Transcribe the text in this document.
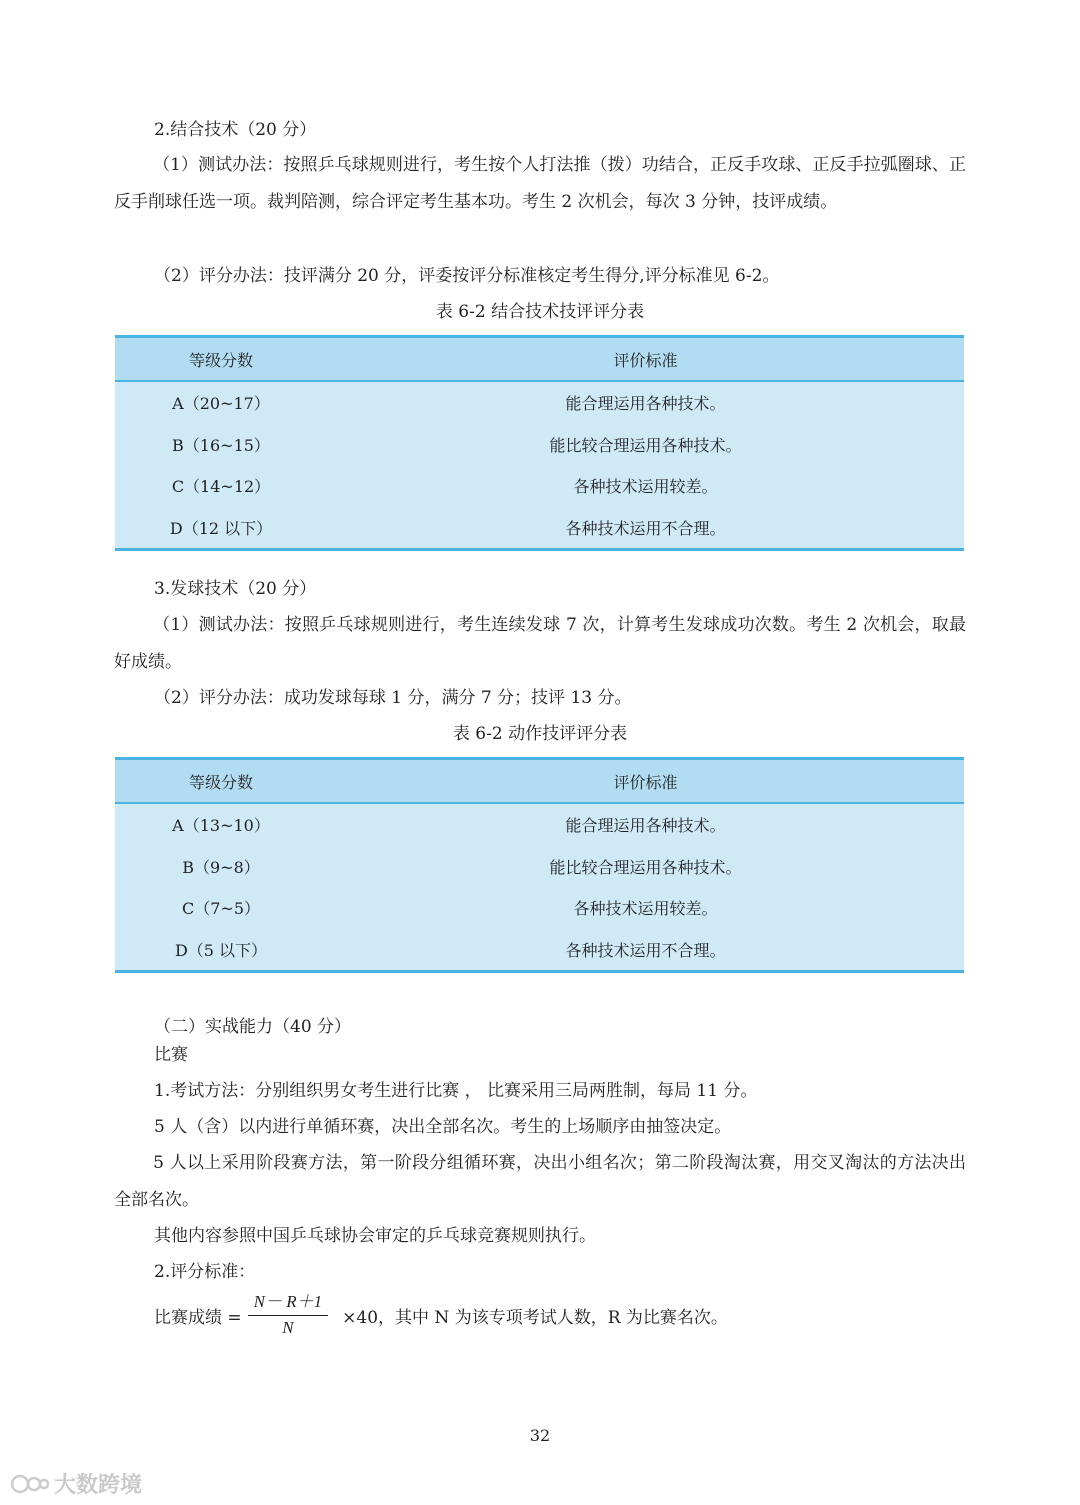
2.结合技术（20 分）
（1）测试办法：按照乒乓球规则进行，考生按个人打法推（拨）功结合，正反手攻球、正反手拉弧圈球、正反手削球任选一项。裁判陪测，综合评定考生基本功。考生 2 次机会，每次 3 分钟，技评成绩。
（2）评分办法：技评满分 20 分，评委按评分标准核定考生得分,评分标准见 6-2。
表 6-2 结合技术技评评分表
等级分数	评价标准
A（20~17）	能合理运用各种技术。
B（16~15）	能比较合理运用各种技术。
C（14~12）	各种技术运用较差。
D（12 以下）	各种技术运用不合理。
3.发球技术（20 分）
（1）测试办法：按照乒乓球规则进行，考生连续发球 7 次，计算考生发球成功次数。考生 2 次机会，取最好成绩。
（2）评分办法：成功发球每球 1 分，满分 7 分；技评 13 分。
表 6-2 动作技评评分表
等级分数	评价标准
A（13~10）	能合理运用各种技术。
B（9~8）	能比较合理运用各种技术。
C（7~5）	各种技术运用较差。
D（5 以下）	各种技术运用不合理。
（二）实战能力（40 分）
比赛
1.考试方法：分别组织男女考生进行比赛 ， 比赛采用三局两胜制，每局 11 分。
5 人（含）以内进行单循环赛，决出全部名次。考生的上场顺序由抽签决定。
5 人以上采用阶段赛方法，第一阶段分组循环赛，决出小组名次；第二阶段淘汰赛，用交叉淘汰的方法决出全部名次。
其他内容参照中国乒乓球协会审定的乒乓球竞赛规则执行。
2.评分标准：
比赛成绩 = $\frac{N- R+1}{N} \times 40$，其中 N 为该专项考试人数，R 为比赛名次。
32
大数跨境
